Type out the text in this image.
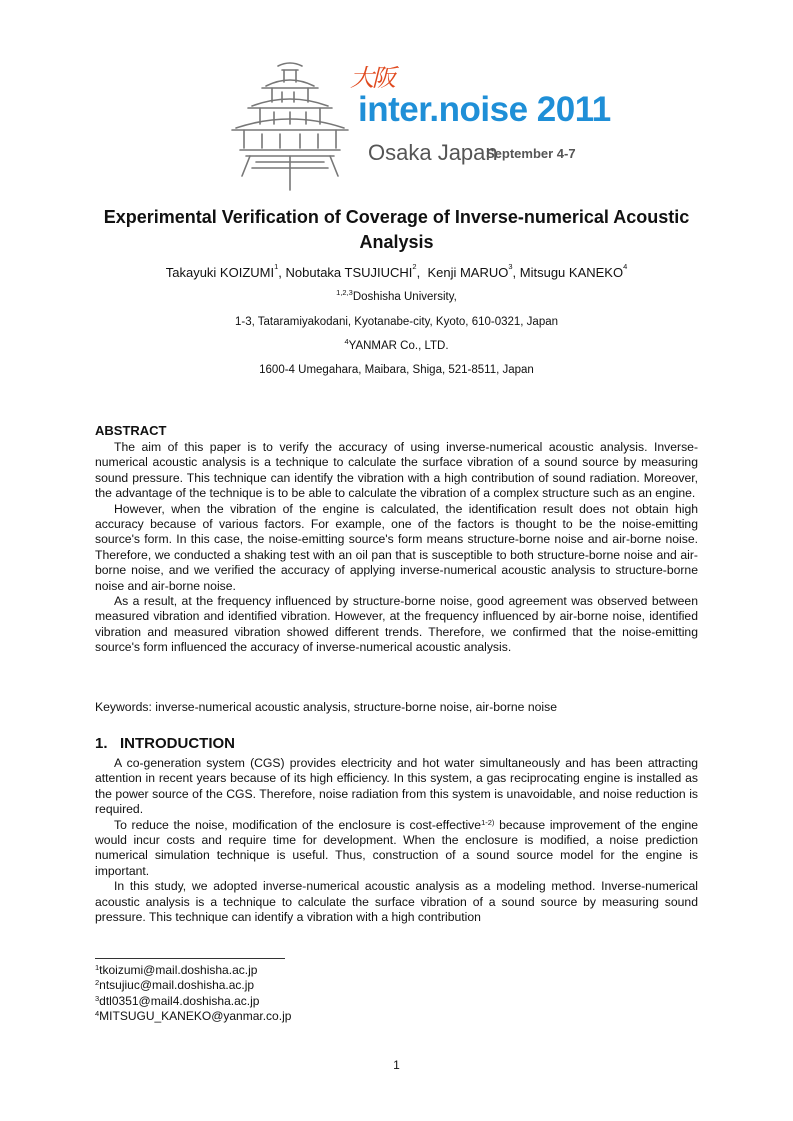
大阪
inter.noise 2011
Osaka Japan
September 4-7
Experimental Verification of Coverage of Inverse-numerical Acoustic Analysis
Takayuki KOIZUMI$^1$, Nobutaka TSUJIUCHI$^2$,  Kenji MARUO$^3$, Mitsugu KANEKO$^4$
$^{1,2,3}$Doshisha University,
1-3, Tataramiyakodani, Kyotanabe-city, Kyoto, 610-0321, Japan
$^4$YANMAR Co., LTD.
1600-4 Umegahara, Maibara, Shiga, 521-8511, Japan
ABSTRACT

The aim of this paper is to verify the accuracy of using inverse-numerical acoustic analysis. Inverse-numerical acoustic analysis is a technique to calculate the surface vibration of a sound source by measuring sound pressure. This technique can identify the vibration with a high contribution of sound radiation. Moreover, the advantage of the technique is to be able to calculate the vibration of a complex structure such as an engine.

However, when the vibration of the engine is calculated, the identification result does not obtain high accuracy because of various factors. For example, one of the factors is thought to be the noise-emitting source's form. In this case, the noise-emitting source's form means structure-borne noise and air-borne noise. Therefore, we conducted a shaking test with an oil pan that is susceptible to both structure-borne noise and air-borne noise, and we verified the accuracy of applying inverse-numerical acoustic analysis to structure-borne noise and air-borne noise.

As a result, at the frequency influenced by structure-borne noise, good agreement was observed between measured vibration and identified vibration. However, at the frequency influenced by air-borne noise, identified vibration and measured vibration showed different trends. Therefore, we confirmed that the noise-emitting source's form influenced the accuracy of inverse-numerical acoustic analysis.

Keywords: inverse-numerical acoustic analysis, structure-borne noise, air-borne noise
1. INTRODUCTION

A co-generation system (CGS) provides electricity and hot water simultaneously and has been attracting attention in recent years because of its high efficiency. In this system, a gas reciprocating engine is installed as the power source of the CGS. Therefore, noise radiation from this system is unavoidable, and noise reduction is required.

To reduce the noise, modification of the enclosure is cost-effective$^{1-2)}$ because improvement of the engine would incur costs and require time for development. When the enclosure is modified, a noise prediction numerical simulation technique is useful. Thus, construction of a sound source model for the engine is important.

In this study, we adopted inverse-numerical acoustic analysis as a modeling method. Inverse-numerical acoustic analysis is a technique to calculate the surface vibration of a sound source by measuring sound pressure. This technique can identify a vibration with a high contribution

$^1$tkoizumi@mail.doshisha.ac.jp
$^2$ntsujiuc@mail.doshisha.ac.jp
$^3$dtl0351@mail4.doshisha.ac.jp
$^4$MITSUGU_KANEKO@yanmar.co.jp
1
